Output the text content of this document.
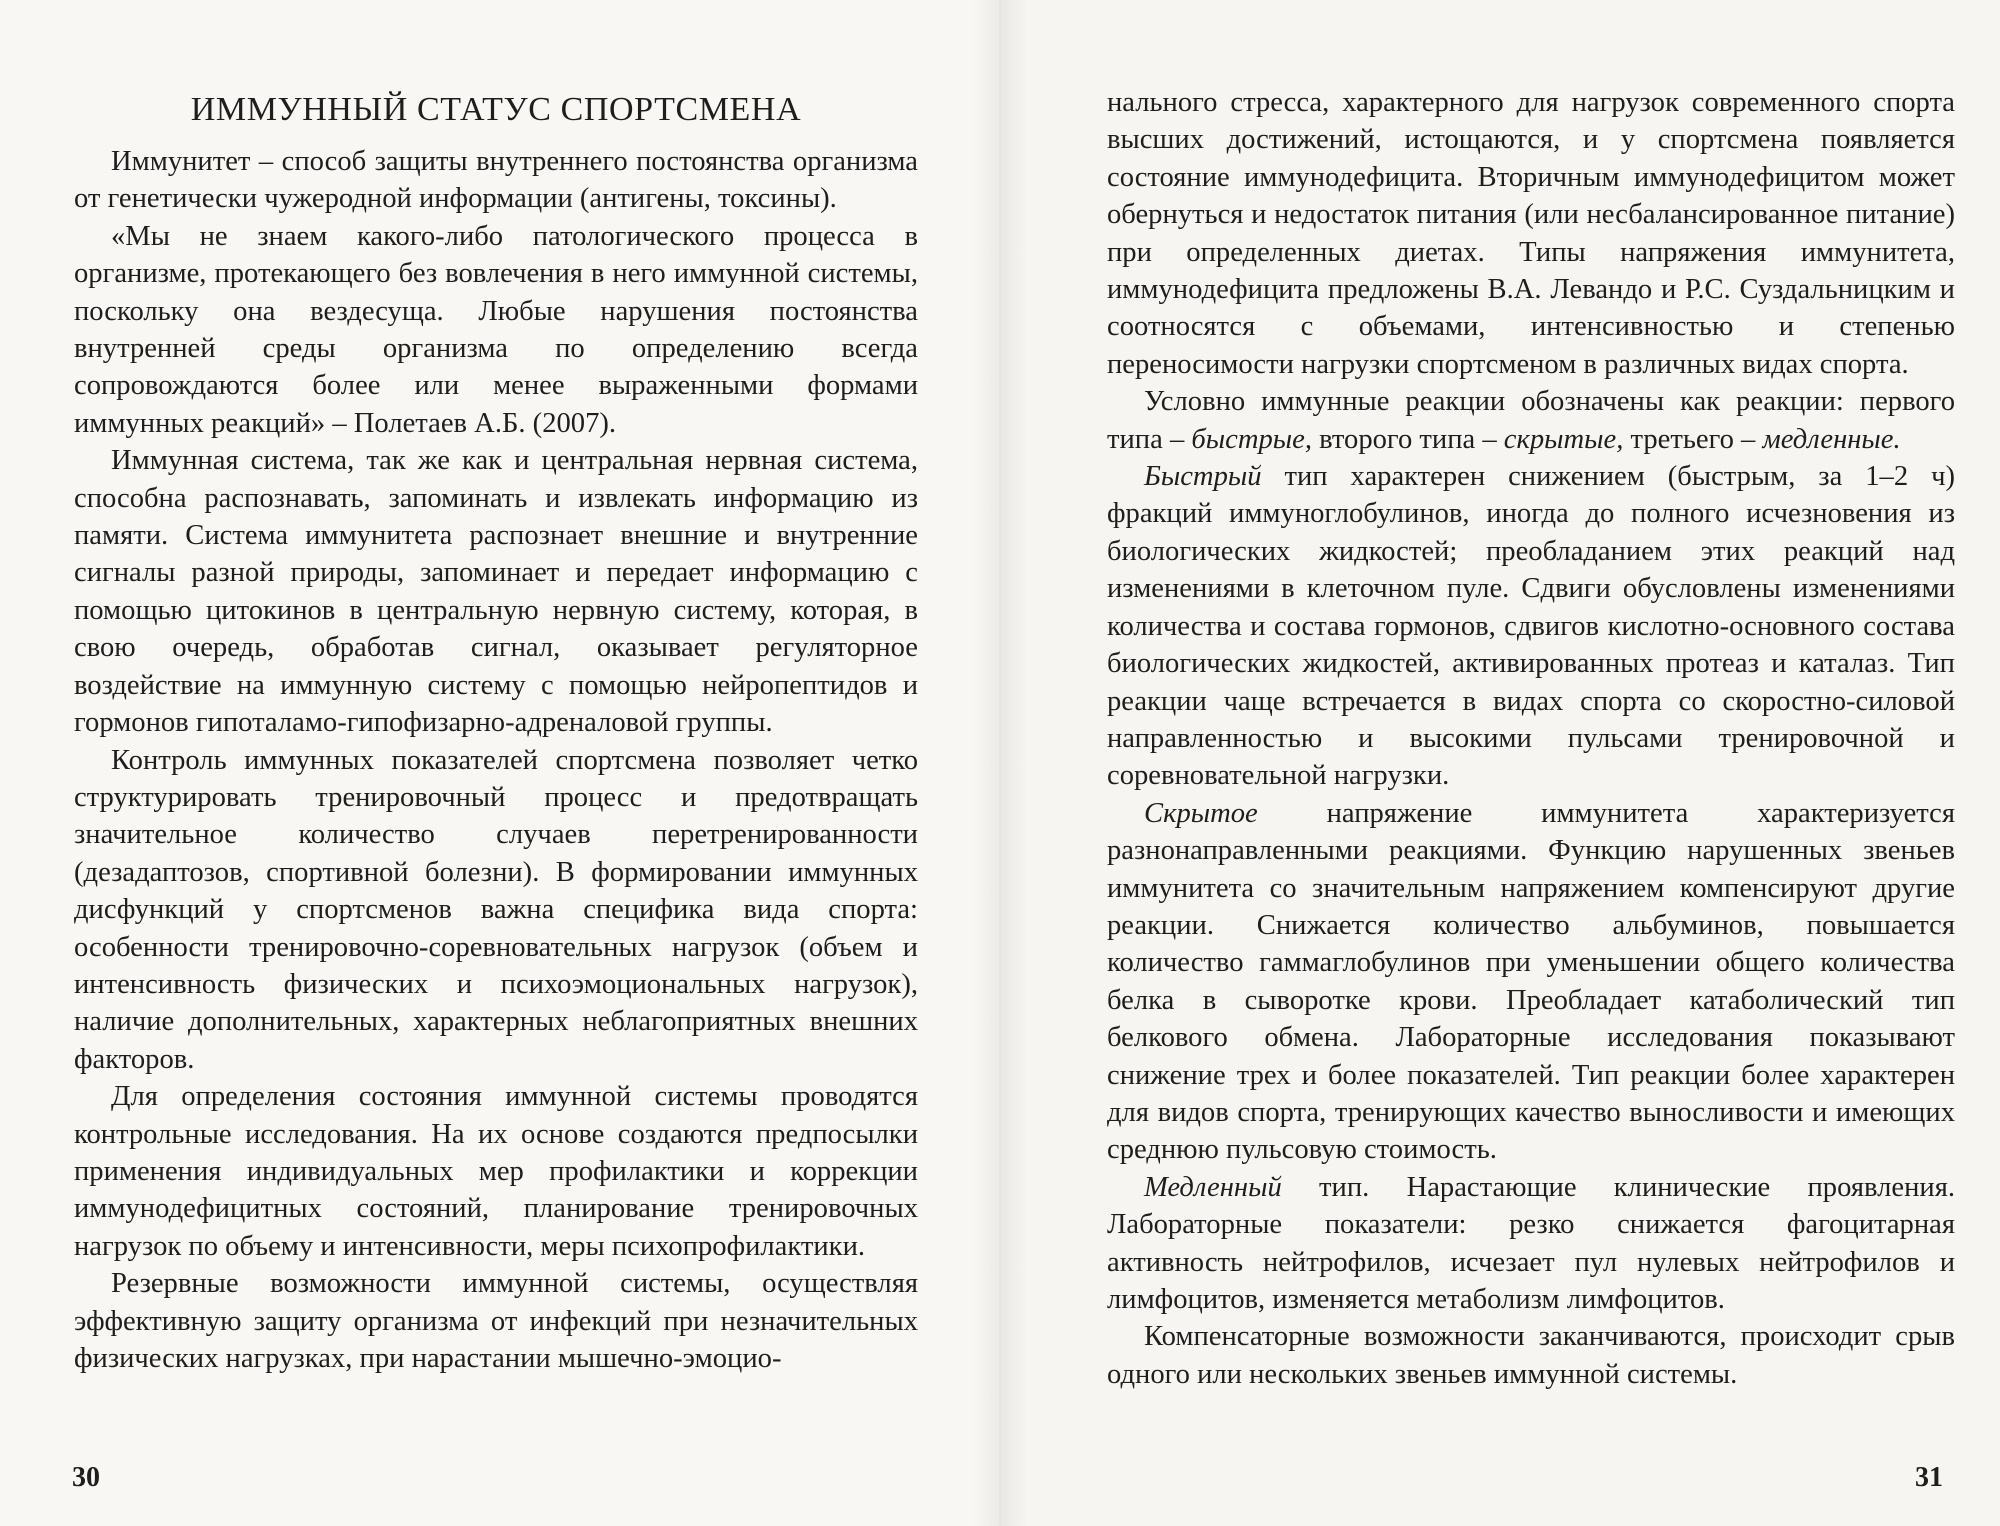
ИММУННЫЙ СТАТУС СПОРТСМЕНА

Иммунитет – способ защиты внутреннего постоянства организма от генетически чужеродной информации (антигены, токсины).

«Мы не знаем какого-либо патологического процесса в организме, протекающего без вовлечения в него иммунной системы, поскольку она вездесуща. Любые нарушения постоянства внутренней среды организма по определению всегда сопровождаются более или менее выраженными формами иммунных реакций» – Полетаев А.Б. (2007).

Иммунная система, так же как и центральная нервная система, способна распознавать, запоминать и извлекать информацию из памяти. Система иммунитета распознает внешние и внутренние сигналы разной природы, запоминает и передает информацию с помощью цитокинов в центральную нервную систему, которая, в свою очередь, обработав сигнал, оказывает регуляторное воздействие на иммунную систему с помощью нейропептидов и гормонов гипоталамо-гипофизарно-адреналовой группы.

Контроль иммунных показателей спортсмена позволяет четко структурировать тренировочный процесс и предотвращать значительное количество случаев перетренированности (дезадаптозов, спортивной болезни). В формировании иммунных дисфункций у спортсменов важна специфика вида спорта: особенности тренировочно-соревновательных нагрузок (объем и интенсивность физических и психоэмоциональных нагрузок), наличие дополнительных, характерных неблагоприятных внешних факторов.

Для определения состояния иммунной системы проводятся контрольные исследования. На их основе создаются предпосылки применения индивидуальных мер профилактики и коррекции иммунодефицитных состояний, планирование тренировочных нагрузок по объему и интенсивности, меры психопрофилактики.

Резервные возможности иммунной системы, осуществляя эффективную защиту организма от инфекций при незначительных физических нагрузках, при нарастании мышечно-эмоцио-

30

нального стресса, характерного для нагрузок современного спорта высших достижений, истощаются, и у спортсмена появляется состояние иммунодефицита. Вторичным иммунодефицитом может обернуться и недостаток питания (или несбалансированное питание) при определенных диетах. Типы напряжения иммунитета, иммунодефицита предложены В.А. Левандо и Р.С. Суздальницким и соотносятся с объемами, интенсивностью и степенью переносимости нагрузки спортсменом в различных видах спорта.

Условно иммунные реакции обозначены как реакции: первого типа – быстрые, второго типа – скрытые, третьего – медленные.

Быстрый тип характерен снижением (быстрым, за 1–2 ч) фракций иммуноглобулинов, иногда до полного исчезновения из биологических жидкостей; преобладанием этих реакций над изменениями в клеточном пуле. Сдвиги обусловлены изменениями количества и состава гормонов, сдвигов кислотно-основного состава биологических жидкостей, активированных протеаз и каталаз. Тип реакции чаще встречается в видах спорта со скоростно-силовой направленностью и высокими пульсами тренировочной и соревновательной нагрузки.

Скрытое напряжение иммунитета характеризуется разнонаправленными реакциями. Функцию нарушенных звеньев иммунитета со значительным напряжением компенсируют другие реакции. Снижается количество альбуминов, повышается количество гаммаглобулинов при уменьшении общего количества белка в сыворотке крови. Преобладает катаболический тип белкового обмена. Лабораторные исследования показывают снижение трех и более показателей. Тип реакции более характерен для видов спорта, тренирующих качество выносливости и имеющих среднюю пульсовую стоимость.

Медленный тип. Нарастающие клинические проявления. Лабораторные показатели: резко снижается фагоцитарная активность нейтрофилов, исчезает пул нулевых нейтрофилов и лимфоцитов, изменяется метаболизм лимфоцитов.

Компенсаторные возможности заканчиваются, происходит срыв одного или нескольких звеньев иммунной системы.

31
